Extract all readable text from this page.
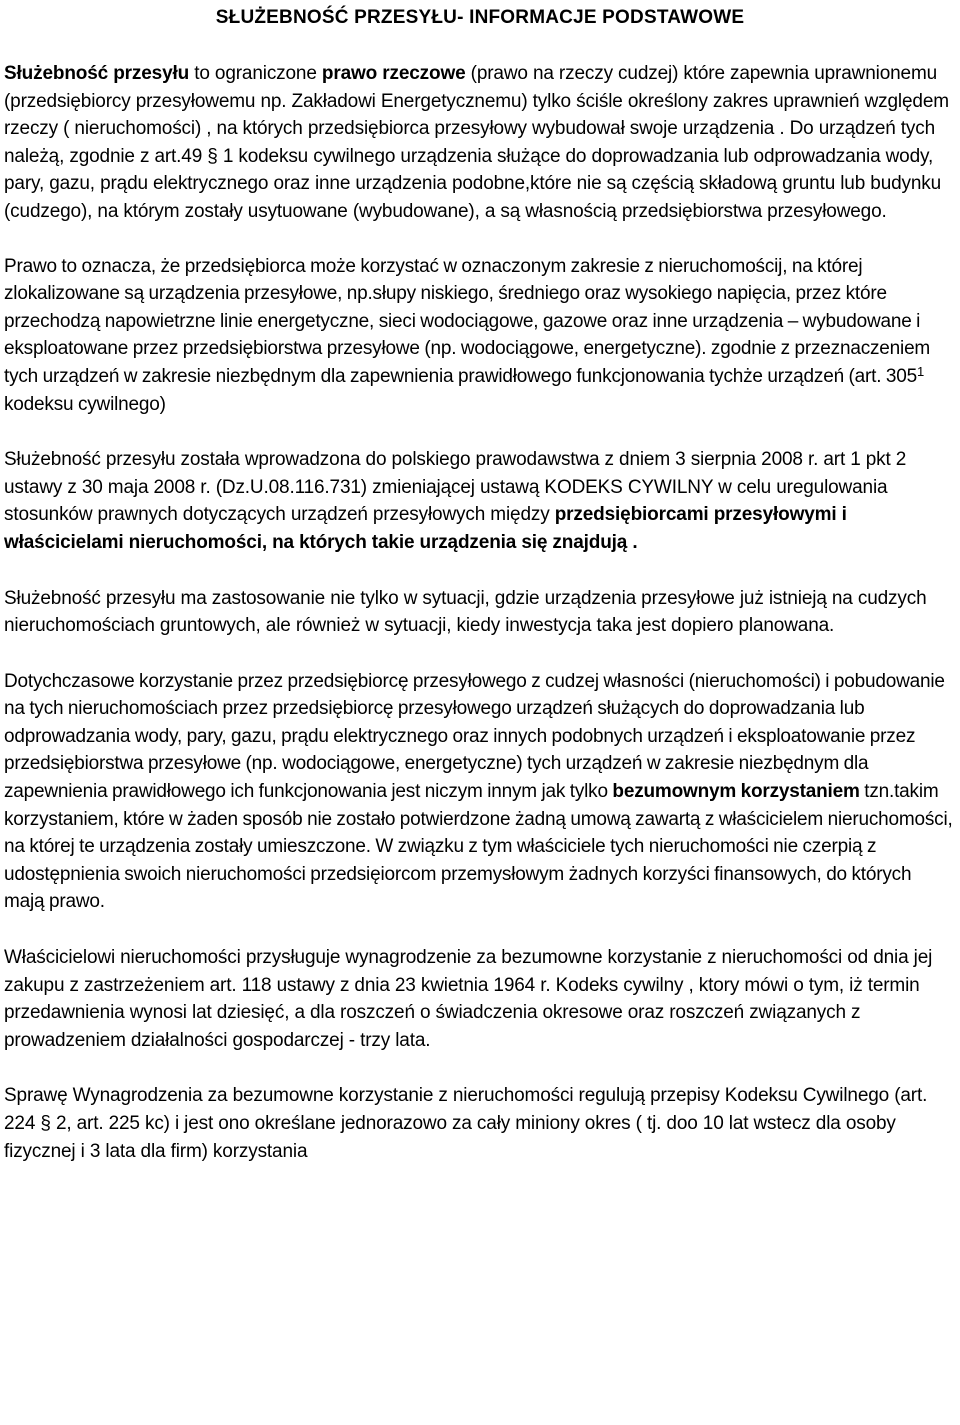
SŁUŻEBNOŚĆ PRZESYŁU- INFORMACJE PODSTAWOWE

Służebność przesyłu to ograniczone prawo rzeczowe (prawo na rzeczy cudzej) które zapewnia uprawnionemu (przedsiębiorcy przesyłowemu np. Zakładowi Energetycznemu) tylko ściśle określony zakres uprawnień względem rzeczy ( nieruchomości) , na których przedsiębiorca przesyłowy wybudował swoje urządzenia . Do urządzeń tych należą, zgodnie z art.49 § 1 kodeksu cywilnego urządzenia służące do doprowadzania lub odprowadzania wody, pary, gazu, prądu elektrycznego oraz inne urządzenia podobne,które nie są częścią składową gruntu lub budynku (cudzego), na którym zostały usytuowane (wybudowane), a są własnością przedsiębiorstwa przesyłowego.

Prawo to oznacza, że przedsiębiorca może korzystać w oznaczonym zakresie z nieruchomościj, na której zlokalizowane są urządzenia przesyłowe, np.słupy niskiego, średniego oraz wysokiego napięcia, przez które przechodzą napowietrzne linie energetyczne, sieci wodociągowe, gazowe oraz inne urządzenia – wybudowane i eksploatowane przez przedsiębiorstwa przesyłowe (np. wodociągowe, energetyczne). zgodnie z przeznaczeniem tych urządzeń w zakresie niezbędnym dla zapewnienia prawidłowego funkcjonowania tychże urządzeń (art. $305^1$ kodeksu cywilnego)

Służebność przesyłu została wprowadzona do polskiego prawodawstwa z dniem 3 sierpnia 2008 r. art 1 pkt 2 ustawy z 30 maja 2008 r. (Dz.U.08.116.731) zmieniającej ustawą KODEKS CYWILNY w celu uregulowania stosunków prawnych dotyczących urządzeń przesyłowych między przedsiębiorcami przesyłowymi i właścicielami nieruchomości, na których takie urządzenia się znajdują .

Służebność przesyłu ma zastosowanie nie tylko w sytuacji, gdzie urządzenia przesyłowe już istnieją na cudzych nieruchomościach gruntowych, ale również w sytuacji, kiedy inwestycja taka jest dopiero planowana.

Dotychczasowe korzystanie przez przedsiębiorcę przesyłowego z cudzej własności (nieruchomości) i pobudowanie na tych nieruchomościach przez przedsiębiorcę przesyłowego urządzeń służących do doprowadzania lub odprowadzania wody, pary, gazu, prądu elektrycznego oraz innych podobnych urządzeń i eksploatowanie przez przedsiębiorstwa przesyłowe (np. wodociągowe, energetyczne) tych urządzeń w zakresie niezbędnym dla zapewnienia prawidłowego ich funkcjonowania jest niczym innym jak tylko bezumownym korzystaniem tzn.takim korzystaniem, które w żaden sposób nie zostało potwierdzone żadną umową zawartą z właścicielem nieruchomości, na której te urządzenia zostały umieszczone. W związku z tym właściciele tych nieruchomości nie czerpią z udostępnienia swoich nieruchomości przedsięiorcom przemysłowym żadnych korzyści finansowych, do których mają prawo.

Właścicielowi nieruchomości przysługuje wynagrodzenie za bezumowne korzystanie z nieruchomości od dnia jej zakupu z zastrzeżeniem art. 118 ustawy z dnia 23 kwietnia 1964 r. Kodeks cywilny , ktory mówi o tym, iż termin przedawnienia wynosi lat dziesięć, a dla roszczeń o świadczenia okresowe oraz roszczeń związanych z prowadzeniem działalności gospodarczej - trzy lata.

Sprawę Wynagrodzenia za bezumowne korzystanie z nieruchomości regulują przepisy Kodeksu Cywilnego (art. 224 § 2, art. 225 kc) i jest ono określane jednorazowo za cały miniony okres ( tj. doo 10 lat wstecz dla osoby fizycznej i 3 lata dla firm) korzystania
